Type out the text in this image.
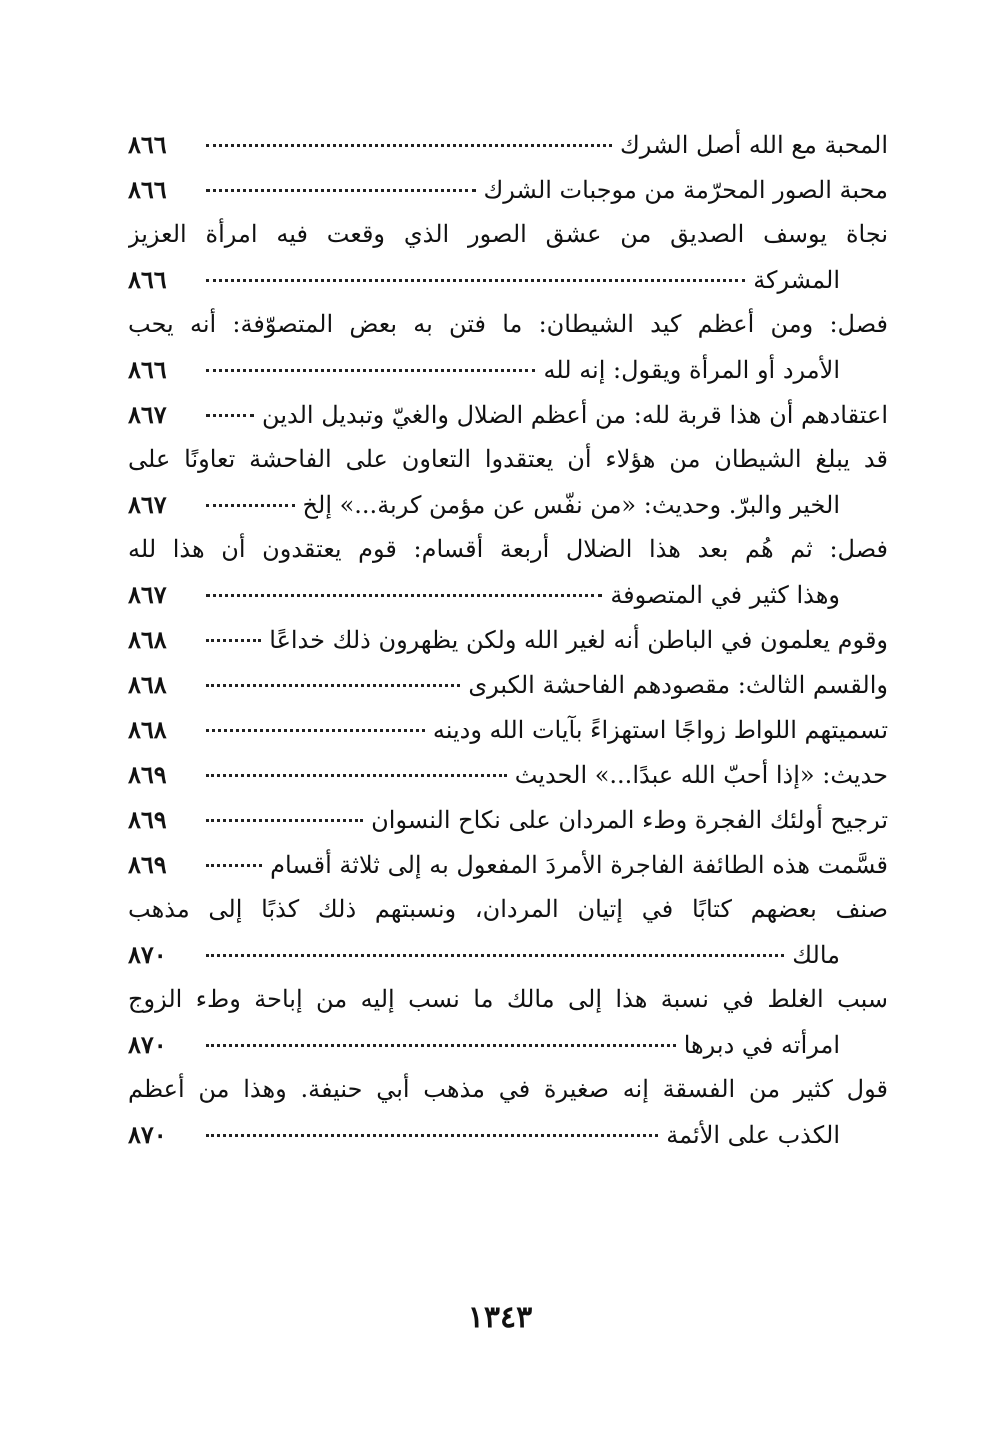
المحبة مع الله أصل الشرك
٨٦٦
محبة الصور المحرّمة من موجبات الشرك
٨٦٦
نجاة يوسف الصديق من عشق الصور الذي وقعت فيه امرأة العزيز
المشركة
٨٦٦
فصل: ومن أعظم كيد الشيطان: ما فتن به بعض المتصوّفة: أنه يحب
الأمرد أو المرأة ويقول: إنه لله
٨٦٦
اعتقادهم أن هذا قربة لله: من أعظم الضلال والغيّ وتبديل الدين
٨٦٧
قد يبلغ الشيطان من هؤلاء أن يعتقدوا التعاون على الفاحشة تعاونًا على
الخير والبرّ. وحديث: «من نفّس عن مؤمن كربة...» إلخ
٨٦٧
فصل: ثم هُم بعد هذا الضلال أربعة أقسام: قوم يعتقدون أن هذا لله
وهذا كثير في المتصوفة
٨٦٧
وقوم يعلمون في الباطن أنه لغير الله ولكن يظهرون ذلك خداعًا
٨٦٨
والقسم الثالث: مقصودهم الفاحشة الكبرى
٨٦٨
تسميتهم اللواط زواجًا استهزاءً بآيات الله ودينه
٨٦٨
حديث: «إذا أحبّ الله عبدًا...» الحديث
٨٦٩
ترجيح أولئك الفجرة وطء المردان على نكاح النسوان
٨٦٩
قسَّمت هذه الطائفة الفاجرة الأمردَ المفعول به إلى ثلاثة أقسام
٨٦٩
صنف بعضهم كتابًا في إتيان المردان، ونسبتهم ذلك كذبًا إلى مذهب
مالك
٨٧٠
سبب الغلط في نسبة هذا إلى مالك ما نسب إليه من إباحة وطء الزوج
امرأته في دبرها
٨٧٠
قول كثير من الفسقة إنه صغيرة في مذهب أبي حنيفة. وهذا من أعظم
الكذب على الأئمة
٨٧٠
١٣٤٣
